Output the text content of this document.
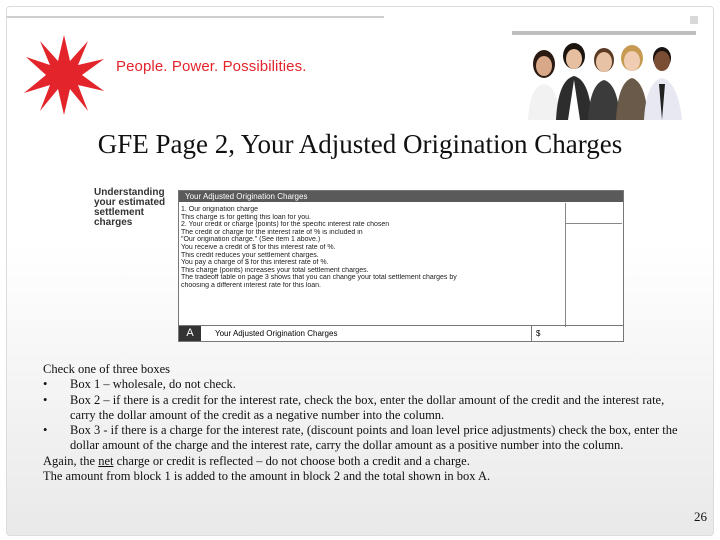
People. Power. Possibilities.
GFE Page 2, Your Adjusted Origination Charges
Understanding your estimated settlement charges
Your Adjusted Origination Charges
1. Our origination charge
This charge is for getting this loan for you.
2. Your credit or charge (points) for the specific interest rate chosen
The credit or charge for the interest rate of % is included in
"Our origination charge." (See item 1 above.)
You receive a credit of $ for this interest rate of %.
This credit reduces your settlement charges.
You pay a charge of $ for this interest rate of %.
This charge (points) increases your total settlement charges.
The tradeoff table on page 3 shows that you can change your total settlement charges by
choosing a different interest rate for this loan.
A	Your Adjusted Origination Charges	$

Check one of three boxes

• Box 1 – wholesale, do not check.

• Box 2 – if there is a credit for the interest rate, check the box, enter the dollar amount of the credit and the interest rate, carry the dollar amount of the credit as a negative number into the column.

• Box 3 - if there is a charge for the interest rate, (discount points and loan level price adjustments) check the box, enter the dollar amount of the charge and the interest rate, carry the dollar amount as a positive number into the column.

Again, the net charge or credit is reflected – do not choose both a credit and a charge.

The amount from block 1 is added to the amount in block 2 and the total shown in box A.

26
